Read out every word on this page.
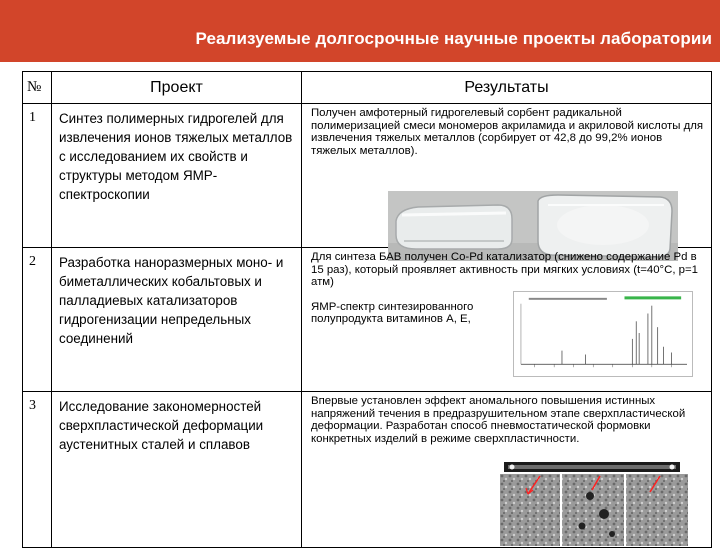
Реализуемые долгосрочные научные проекты лаборатории
№	Проект	Результаты
1	Синтез полимерных гидрогелей для извлечения ионов тяжелых металлов с исследованием их свойств и структуры методом ЯМР-спектроскопии	Получен амфотерный гидрогелевый сорбент радикальной полимеризацией смеси мономеров акриламида и акриловой кислоты для извлечения тяжелых металлов (сорбирует от 42,8 до 99,2% ионов тяжелых металлов).

2	Разработка наноразмерных моно- и биметаллических кобальтовых и палладиевых катализаторов гидрогенизации непредельных соединений	Для синтеза БАВ получен Co-Pd катализатор (снижено содержание Pd в 15 раз), который проявляет активность при мягких условиях (t=40°C, p=1 атм)

ЯМР-спектр синтезированного полупродукта витаминов А, Е,

3	Исследование закономерностей сверхпластической деформации аустенитных сталей и сплавов	Впервые установлен эффект аномального повышения истинных напряжений течения в предразрушительном этапе сверхпластической деформации. Разработан способ пневмостатической формовки конкретных изделий в режиме сверхпластичности.
